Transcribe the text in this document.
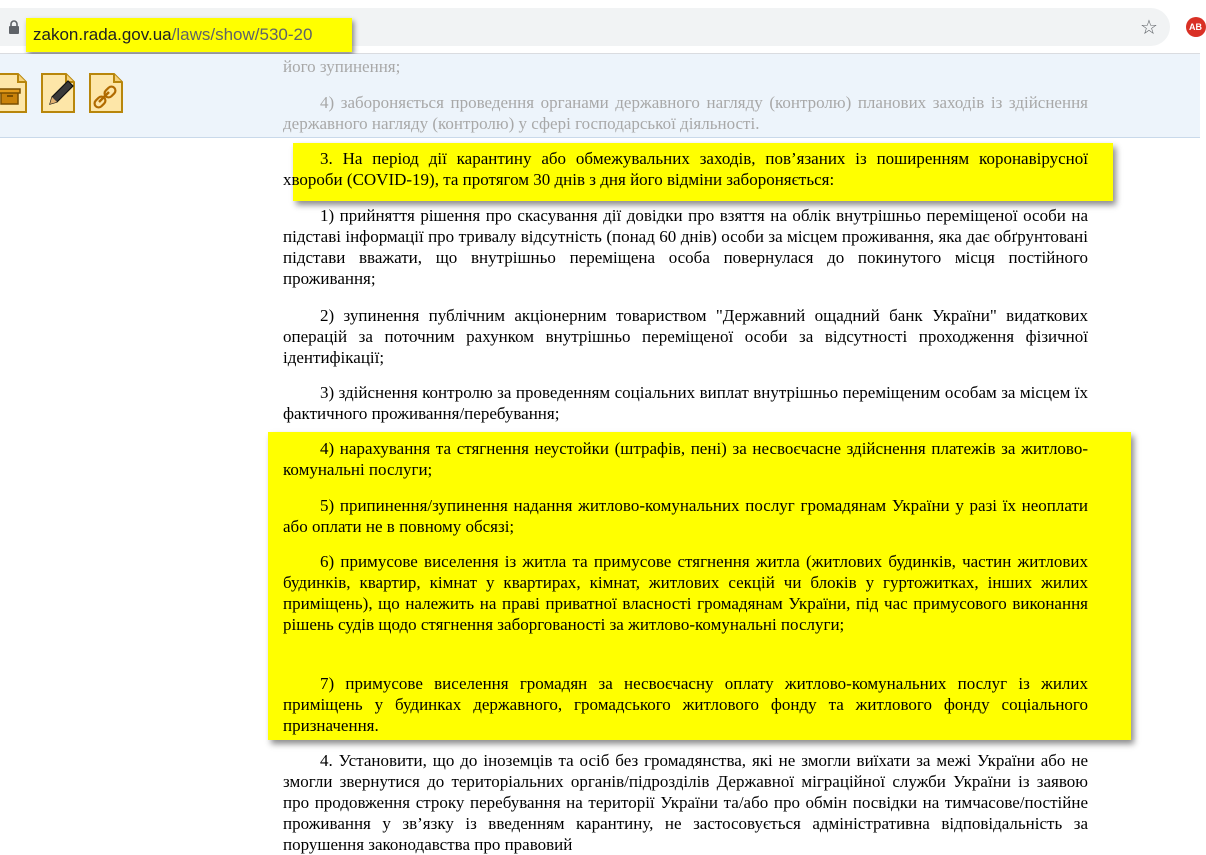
zakon.rada.gov.ua/laws/show/530-20	☆	AB
його зупинення;
4) забороняється проведення органами державного нагляду (контролю) планових заходів із здійснення державного нагляду (контролю) у сфері господарської діяльності.

3. На період дії карантину або обмежувальних заходів, пов’язаних із поширенням коронавірусної хвороби (COVID-19), та протягом 30 днів з дня його відміни забороняється:

1) прийняття рішення про скасування дії довідки про взяття на облік внутрішньо переміщеної особи на підставі інформації про тривалу відсутність (понад 60 днів) особи за місцем проживання, яка дає обґрунтовані підстави вважати, що внутрішньо переміщена особа повернулася до покинутого місця постійного проживання;

2) зупинення публічним акціонерним товариством "Державний ощадний банк України" видаткових операцій за поточним рахунком внутрішньо переміщеної особи за відсутності проходження фізичної ідентифікації;

3) здійснення контролю за проведенням соціальних виплат внутрішньо переміщеним особам за місцем їх фактичного проживання/перебування;

4) нарахування та стягнення неустойки (штрафів, пені) за несвоєчасне здійснення платежів за житлово-комунальні послуги;

5) припинення/зупинення надання житлово-комунальних послуг громадянам України у разі їх неоплати або оплати не в повному обсязі;

6) примусове виселення із житла та примусове стягнення житла (житлових будинків, частин житлових будинків, квартир, кімнат у квартирах, кімнат, житлових секцій чи блоків у гуртожитках, інших жилих приміщень), що належить на праві приватної власності громадянам України, під час примусового виконання рішень судів щодо стягнення заборгованості за житлово-комунальні послуги;

7) примусове виселення громадян за несвоєчасну оплату житлово-комунальних послуг із жилих приміщень у будинках державного, громадського житлового фонду та житлового фонду соціального призначення.

4. Установити, що до іноземців та осіб без громадянства, які не змогли виїхати за межі України або не змогли звернутися до територіальних органів/підрозділів Державної міграційної служби України із заявою про продовження строку перебування на території України та/або про обмін посвідки на тимчасове/постійне проживання у зв’язку із введенням карантину, не застосовується адміністративна відповідальність за порушення законодавства про правовий
